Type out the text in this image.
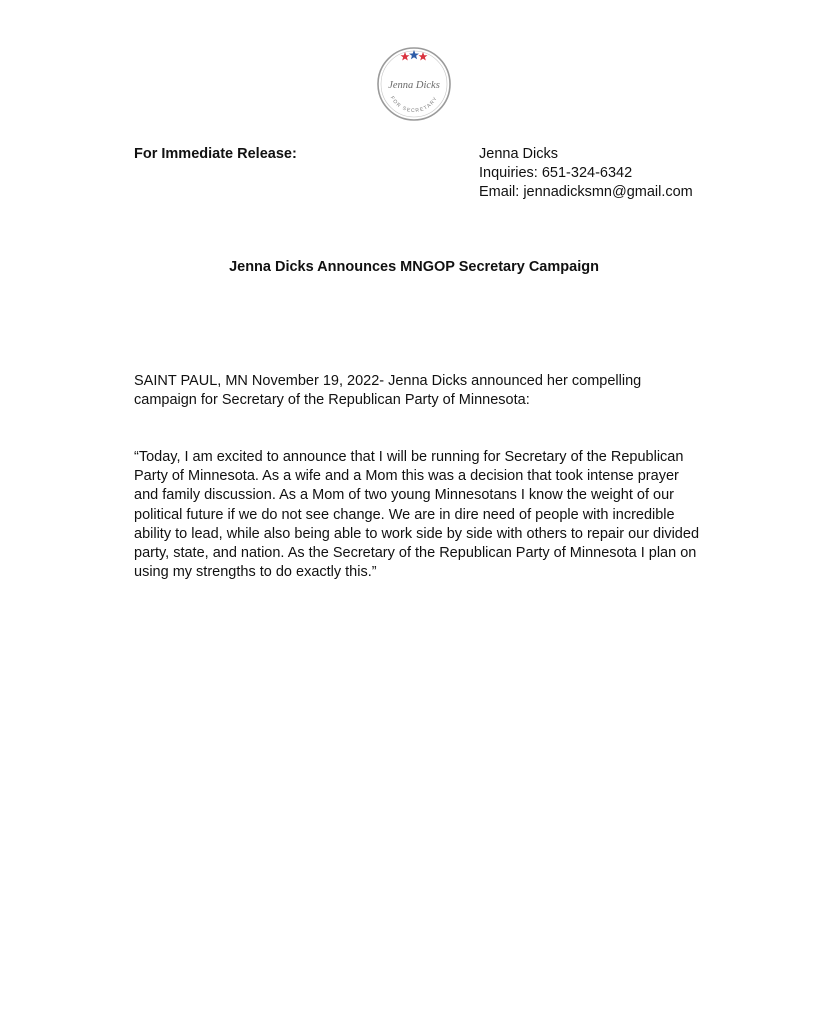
Jenna Dicks
FOR SECRETARY

For Immediate Release:	Jenna Dicks
Inquiries: 651-324-6342
Email: jennadicksmn@gmail.com

Jenna Dicks Announces MNGOP Secretary Campaign

SAINT PAUL, MN November 19, 2022- Jenna Dicks announced her compelling campaign for Secretary of the Republican Party of Minnesota:

“Today, I am excited to announce that I will be running for Secretary of the Republican Party of Minnesota. As a wife and a Mom this was a decision that took intense prayer and family discussion. As a Mom of two young Minnesotans I know the weight of our political future if we do not see change. We are in dire need of people with incredible ability to lead, while also being able to work side by side with others to repair our divided party, state, and nation. As the Secretary of the Republican Party of Minnesota I plan on using my strengths to do exactly this.”
